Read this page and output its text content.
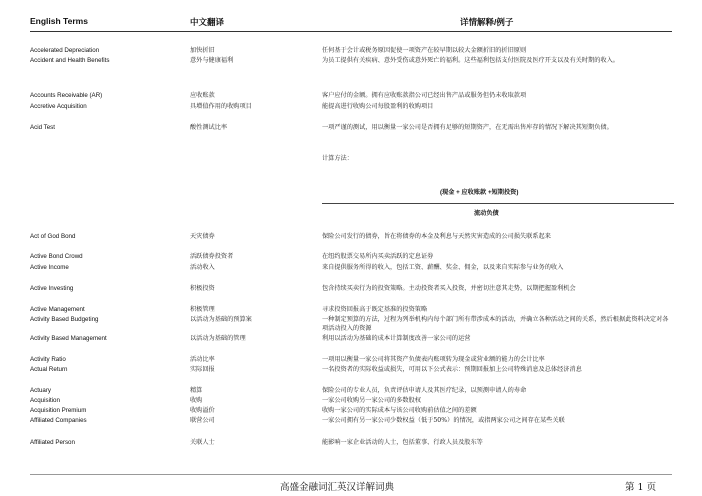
English Terms	中文翻译	详情解释/例子
Accelerated Depreciation	加快折旧	任何基于会计或税务原因促使一项资产在较早期以较大金额折旧的折旧原则
Accident and Health Benefits	意外与健康福利	为员工提供有关疾病、意外受伤或意外死亡的福利。这些福利包括支付医院及医疗开支以及有关时期的收入。
Accounts Receivable (AR)	应收账款	客户应付的金额。拥有应收账款指公司已经出售产品或服务但仍未收取款项
Accretive Acquisition	具增值作用的收购项目	能提高进行收购公司每股盈利的收购项目
Acid Test	酸性测试比率	一项严谨的测试，用以衡量一家公司是否拥有足够的短期资产，在无需出售库存的情况下解决其短期负债。
计算方法：
(现金 + 应收账款 +短期投资)
流动负债
Act of God Bond	天灾债券	保险公司发行的债券，旨在将债券的本金及利息与天然灾害造成的公司损失联系起来
Active Bond Crowd	活跃债券投资者	在纽约股票交易所内买卖活跃的定息证券
Active Income	活动收入	来自提供服务所得的收入，包括工资、薪酬、奖金、佣金，以及来自实际参与业务的收入
Active Investing	积极投资	包含持续买卖行为的投资策略。主动投资者买入投资，并密切注意其走势，以期把握盈利机会
Active Management	积极管理	寻求投资回报高于既定基准的投资策略
Activity Based Budgeting	以活动为基础的预算案	一种制定预算的方法，过程为列举机构内每个部门所有带涉成本的活动，并确立各种活动之间的关系，然后根据此资料决定对各项活动投入的资源
Activity Based Management	以活动为基础的管理	利用以活动为基础的成本计算制度改善一家公司的运营
Activity Ratio	活动比率	一项用以衡量一家公司将其资产负债表内账项转为现金或营业额的能力的会计比率
Actual Return	实际回报	一名投资者的实际收益或损失，可用以下公式表示：预期回报加上公司特殊消息及总体经济消息
Actuary	精算	保险公司的专业人员，负责评估申请人及其医疗纪录，以预测申请人的寿命
Acquisition	收购	一家公司收购另一家公司的多数股权
Acquisition Premium	收购溢价	收购一家公司的实际成本与该公司收购前估值之间的差额
Affiliated Companies	联营公司	一家公司拥有另一家公司少数权益（低于50%）的情况，或指两家公司之间存在某些关联
Affiliated Person	关联人士	能影响一家企业活动的人士，包括董事、行政人员及股东等
高盛金融词汇英汉详解词典	第 1 页
